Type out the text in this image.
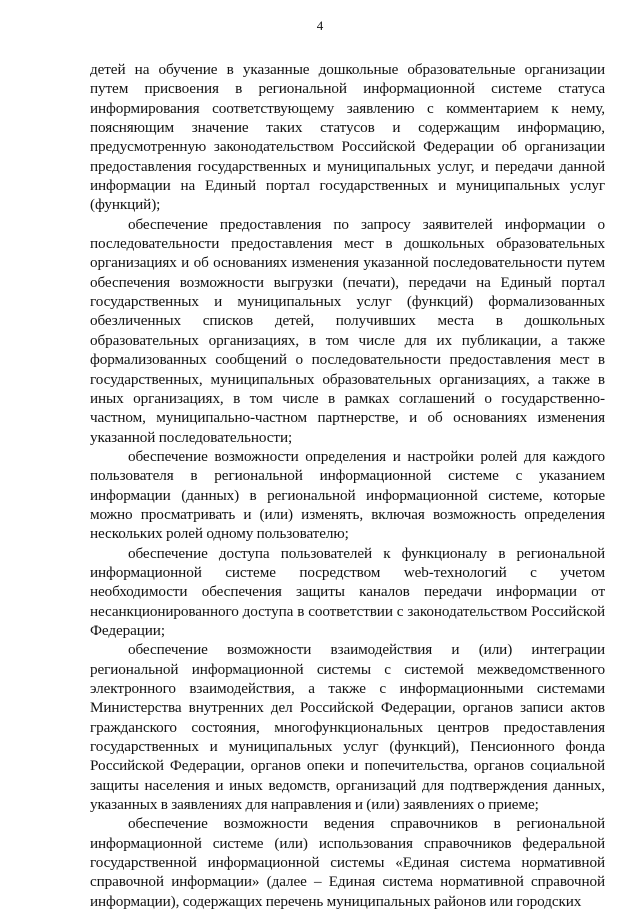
4

детей на обучение в указанные дошкольные образовательные организации путем присвоения в региональной информационной системе статуса информирования соответствующему заявлению с комментарием к нему, поясняющим значение таких статусов и содержащим информацию, предусмотренную законодательством Российской Федерации об организации предоставления государственных и муниципальных услуг, и передачи данной информации на Единый портал государственных и муниципальных услуг (функций);

обеспечение предоставления по запросу заявителей информации о последовательности предоставления мест в дошкольных образовательных организациях и об основаниях изменения указанной последовательности путем обеспечения возможности выгрузки (печати), передачи на Единый портал государственных и муниципальных услуг (функций) формализованных обезличенных списков детей, получивших места в дошкольных образовательных организациях, в том числе для их публикации, а также формализованных сообщений о последовательности предоставления мест в государственных, муниципальных образовательных организациях, а также в иных организациях, в том числе в рамках соглашений о государственно-частном, муниципально-частном партнерстве, и об основаниях изменения указанной последовательности;

обеспечение возможности определения и настройки ролей для каждого пользователя в региональной информационной системе с указанием информации (данных) в региональной информационной системе, которые можно просматривать и (или) изменять, включая возможность определения нескольких ролей одному пользователю;

обеспечение доступа пользователей к функционалу в региональной информационной системе посредством web-технологий с учетом необходимости обеспечения защиты каналов передачи информации от несанкционированного доступа в соответствии с законодательством Российской Федерации;

обеспечение возможности взаимодействия и (или) интеграции региональной информационной системы с системой межведомственного электронного взаимодействия, а также с информационными системами Министерства внутренних дел Российской Федерации, органов записи актов гражданского состояния, многофункциональных центров предоставления государственных и муниципальных услуг (функций), Пенсионного фонда Российской Федерации, органов опеки и попечительства, органов социальной защиты населения и иных ведомств, организаций для подтверждения данных, указанных в заявлениях для направления и (или) заявлениях о приеме;

обеспечение возможности ведения справочников в региональной информационной системе (или) использования справочников федеральной государственной информационной системы «Единая система нормативной справочной информации» (далее – Единая система нормативной справочной информации), содержащих перечень муниципальных районов или городских
